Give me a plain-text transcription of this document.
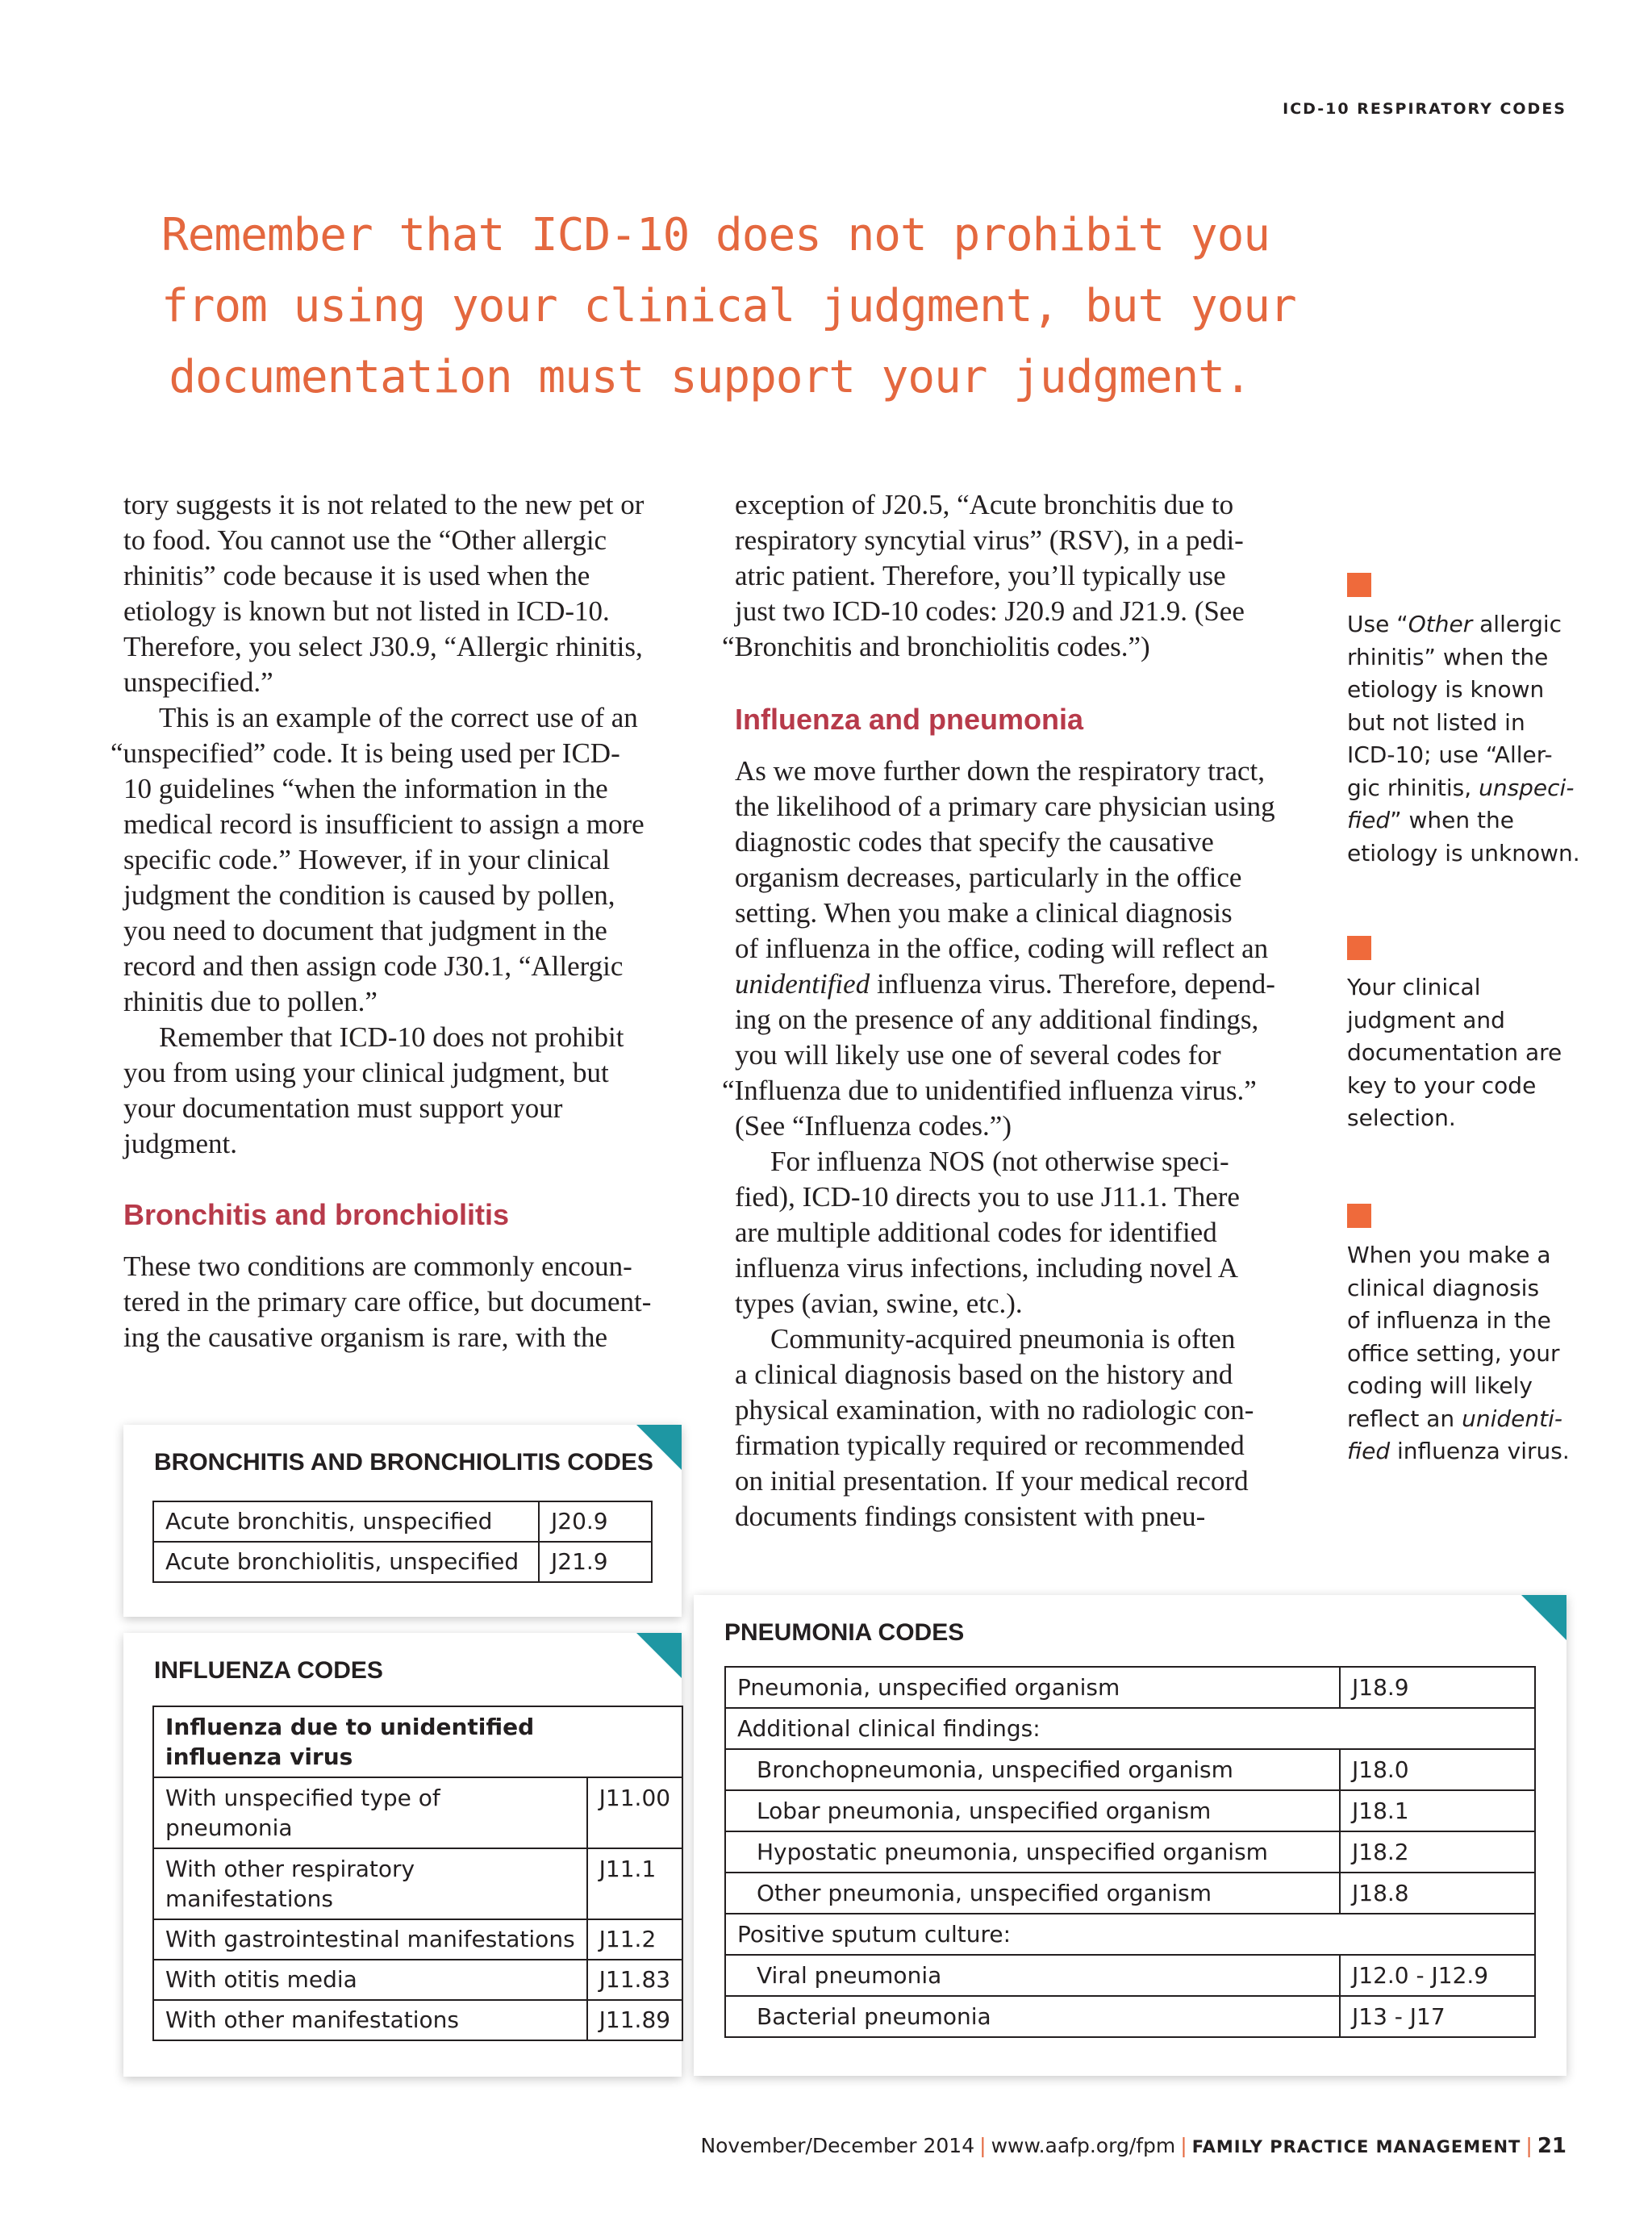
ICD-10 RESPIRATORY CODES
Remember that ICD-10 does not prohibit you
from using your clinical judgment, but your
documentation must support your judgment.

tory suggests it is not related to the new pet or

to food. You cannot use the “Other allergic

rhinitis” code because it is used when the

etiology is known but not listed in ICD-10.

Therefore, you select J30.9, “Allergic rhinitis,

unspecified.”

This is an example of the correct use of an

“unspecified” code. It is being used per ICD-

10 guidelines “when the information in the

medical record is insufficient to assign a more

specific code.” However, if in your clinical

judgment the condition is caused by pollen,

you need to document that judgment in the

record and then assign code J30.1, “Allergic

rhinitis due to pollen.”

Remember that ICD-10 does not prohibit

you from using your clinical judgment, but

your documentation must support your

judgment.

Bronchitis and bronchiolitis

These two conditions are commonly encoun-

tered in the primary care office, but document-

ing the causative organism is rare, with the

exception of J20.5, “Acute bronchitis due to

respiratory syncytial virus” (RSV), in a pedi-

atric patient. Therefore, you’ll typically use

just two ICD-10 codes: J20.9 and J21.9. (See

“Bronchitis and bronchiolitis codes.”)

Influenza and pneumonia

As we move further down the respiratory tract,

the likelihood of a primary care physician using

diagnostic codes that specify the causative

organism decreases, particularly in the office

setting. When you make a clinical diagnosis

of influenza in the office, coding will reflect an

unidentified influenza virus. Therefore, depend-

ing on the presence of any additional findings,

you will likely use one of several codes for

“Influenza due to unidentified influenza virus.”

(See “Influenza codes.”)

For influenza NOS (not otherwise speci-

fied), ICD-10 directs you to use J11.1. There

are multiple additional codes for identified

influenza virus infections, including novel A

types (avian, swine, etc.).

Community-acquired pneumonia is often

a clinical diagnosis based on the history and

physical examination, with no radiologic con-

firmation typically required or recommended

on initial presentation. If your medical record

documents findings consistent with pneu-

Use “Other allergic

rhinitis” when the

etiology is known

but not listed in

ICD-10; use “Aller-

gic rhinitis, unspeci-

fied” when the

etiology is unknown.

Your clinical

judgment and

documentation are

key to your code

selection.

When you make a

clinical diagnosis

of influenza in the

office setting, your

coding will likely

reflect an unidenti-

fied influenza virus.

BRONCHITIS AND BRONCHIOLITIS CODES
Acute bronchitis, unspecified	J20.9
Acute bronchiolitis, unspecified	J21.9
INFLUENZA CODES
Influenza due to unidentified
influenza virus	

With unspecified type of
pneumonia	J11.00

With other respiratory
manifestations	J11.1
With gastrointestinal manifestations	J11.2
With otitis media	J11.83
With other manifestations	J11.89
PNEUMONIA CODES
Pneumonia, unspecified organism	J18.9
Additional clinical findings:	
Bronchopneumonia, unspecified organism	J18.0
Lobar pneumonia, unspecified organism	J18.1
Hypostatic pneumonia, unspecified organism	J18.2
Other pneumonia, unspecified organism	J18.8
Positive sputum culture:	
Viral pneumonia	J12.0 - J12.9
Bacterial pneumonia	J13 - J17
November/December 2014 | www.aafp.org/fpm | FAMILY PRACTICE MANAGEMENT | 21
